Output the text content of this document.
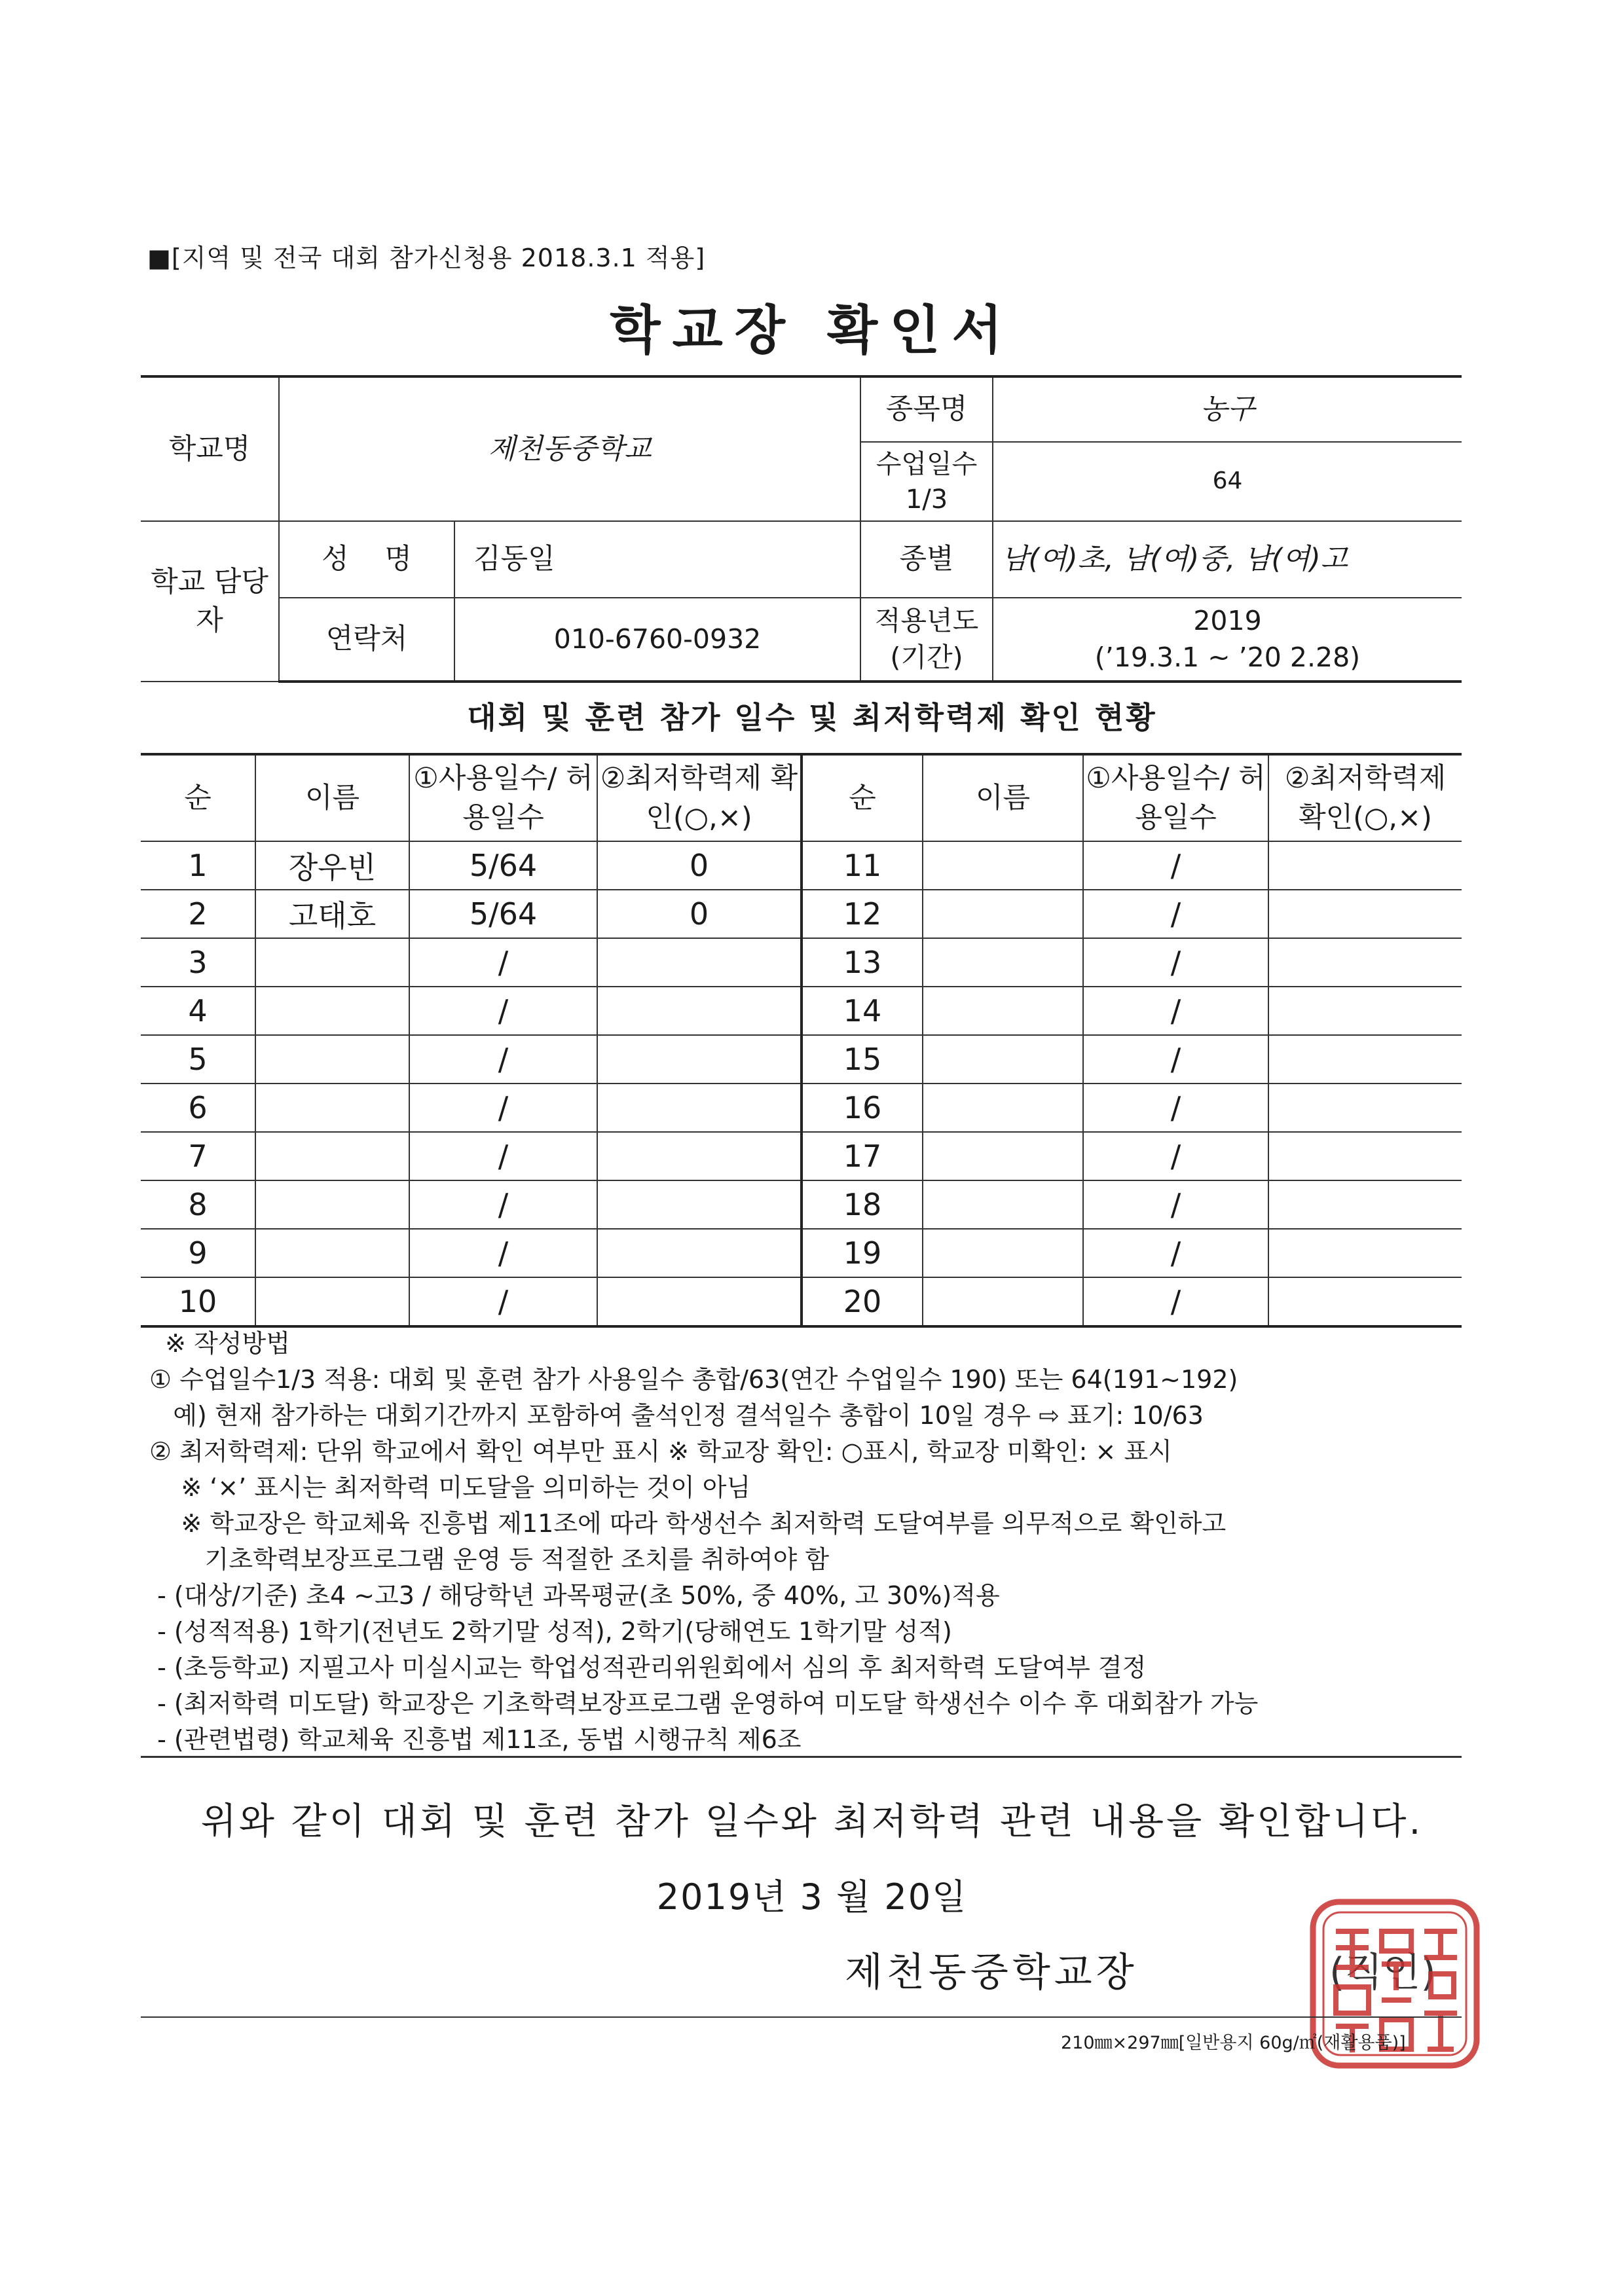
■[지역 및 전국 대회 참가신청용 2018.3.1 적용]
학교장 확인서
학교명	제천동중학교		종목명	농구
			수업일수 1/3	64
학교 담당자	성    명	김동일	종별	남(여)초, 남(여)중, 남(여)고
	연락처	010-6760-0932	적용년도 (기간)	2019
(’19.3.1 ~ ’20 2.28)
대회 및 훈련 참가 일수 및 최저학력제 확인 현황
순	이름	①사용일수/ 허용일수	②최저학력제 확인(○,×)	순	이름	①사용일수/ 허용일수	②최저학력제 확인(○,×)
1	장우빈	5/64	0	11		/	
2	고태호	5/64	0	12		/	
3		/		13		/	
4		/		14		/	
5		/		15		/	
6		/		16		/	
7		/		17		/	
8		/		18		/	
9		/		19		/	
10		/		20		/	
※ 작성방법
① 수업일수1/3 적용: 대회 및 훈련 참가 사용일수 총합/63(연간 수업일수 190) 또는 64(191~192)
예) 현재 참가하는 대회기간까지 포함하여 출석인정 결석일수 총합이 10일 경우 ⇨ 표기: 10/63
② 최저학력제: 단위 학교에서 확인 여부만 표시 ※ 학교장 확인: ○표시, 학교장 미확인: × 표시
※ ‘×’ 표시는 최저학력 미도달을 의미하는 것이 아님
※ 학교장은 학교체육 진흥법 제11조에 따라 학생선수 최저학력 도달여부를 의무적으로 확인하고
기초학력보장프로그램 운영 등 적절한 조치를 취하여야 함
- (대상/기준) 초4 ~고3 / 해당학년 과목평균(초 50%, 중 40%, 고 30%)적용
- (성적적용) 1학기(전년도 2학기말 성적), 2학기(당해연도 1학기말 성적)
- (초등학교) 지필고사 미실시교는 학업성적관리위원회에서 심의 후 최저학력 도달여부 결정
- (최저학력 미도달) 학교장은 기초학력보장프로그램 운영하여 미도달 학생선수 이수 후 대회참가 가능
- (관련법령) 학교체육 진흥법 제11조, 동법 시행규칙 제6조
위와 같이 대회 및 훈련 참가 일수와 최저학력 관련 내용을 확인합니다.
2019년 3 월 20일
제천동중학교장	(직인)
210㎜×297㎜[일반용지 60g/㎡(재활용품)]
